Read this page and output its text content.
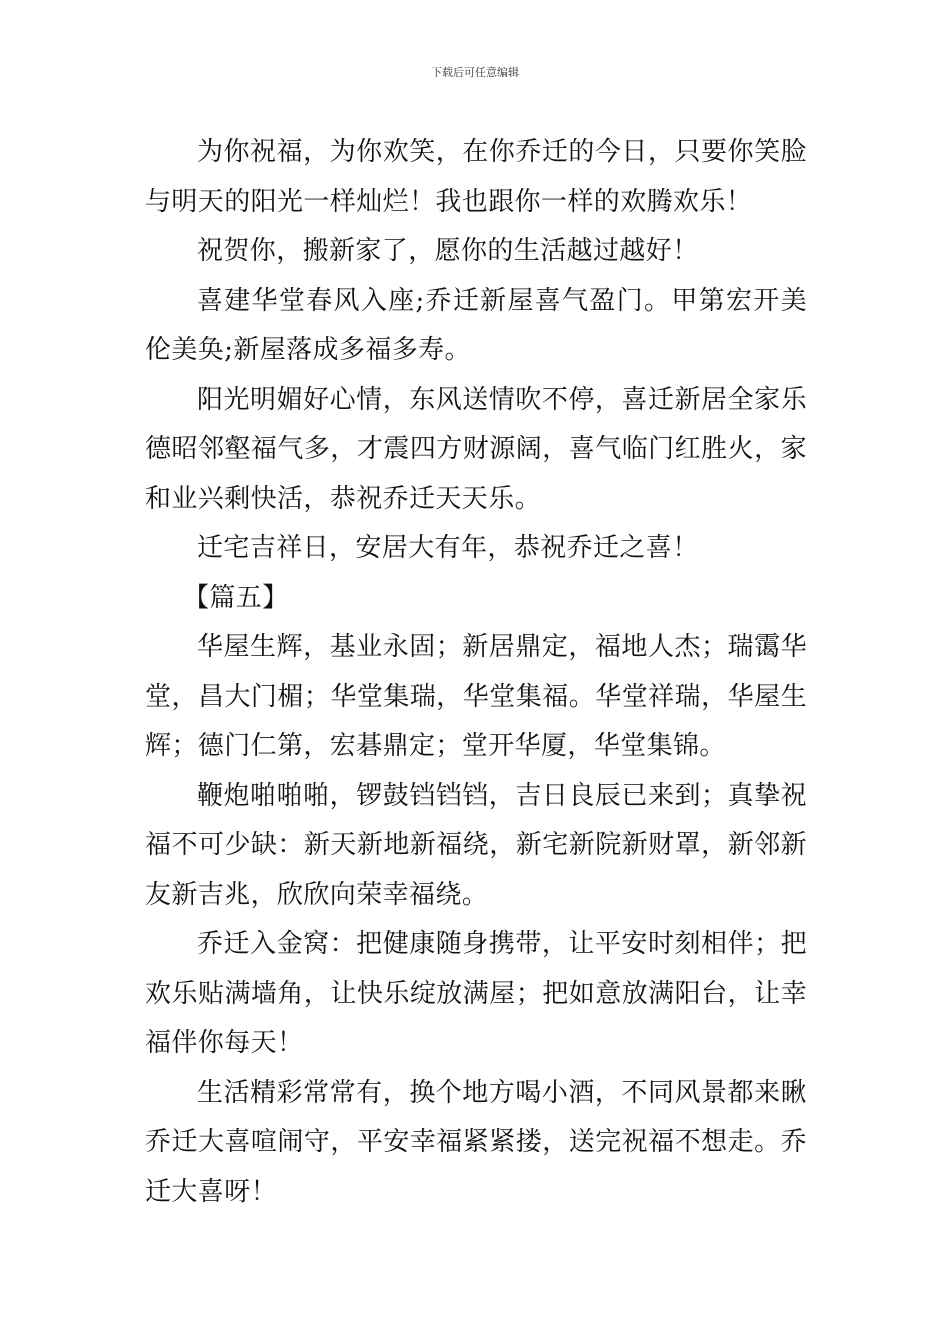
下载后可任意编辑

为你祝福，为你欢笑，在你乔迁的今日，只要你笑脸与明天的阳光一样灿烂！我也跟你一样的欢腾欢乐！

祝贺你，搬新家了，愿你的生活越过越好！

喜建华堂春风入座;乔迁新屋喜气盈门。甲第宏开美伦美奂;新屋落成多福多寿。

阳光明媚好心情，东风送情吹不停，喜迁新居全家乐德昭邻壑福气多，才震四方财源阔，喜气临门红胜火，家和业兴剩快活，恭祝乔迁天天乐。

迁宅吉祥日，安居大有年，恭祝乔迁之喜！

【篇五】

华屋生辉，基业永固；新居鼎定，福地人杰；瑞霭华堂，昌大门楣；华堂集瑞，华堂集福。华堂祥瑞，华屋生辉；德门仁第，宏碁鼎定；堂开华厦，华堂集锦。

鞭炮啪啪啪，锣鼓铛铛铛，吉日良辰已来到；真挚祝福不可少缺：新天新地新福绕，新宅新院新财罩，新邻新友新吉兆，欣欣向荣幸福绕。

乔迁入金窝：把健康随身携带，让平安时刻相伴；把欢乐贴满墙角，让快乐绽放满屋；把如意放满阳台，让幸福伴你每天！

生活精彩常常有，换个地方喝小酒，不同风景都来瞅乔迁大喜喧闹守，平安幸福紧紧搂，送完祝福不想走。乔迁大喜呀！
